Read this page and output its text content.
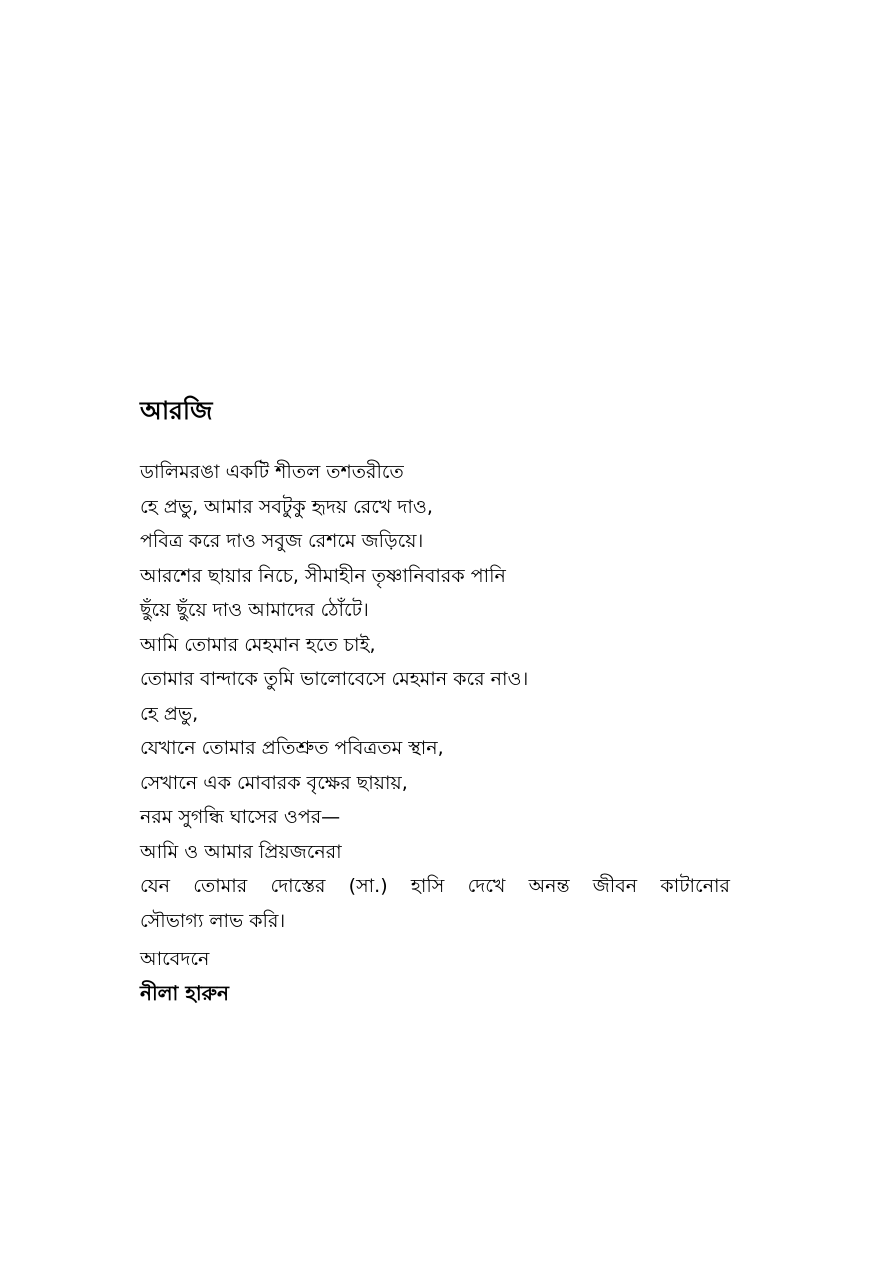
আরজি
ডালিমরঙা একটি শীতল তশতরীতে
হে প্রভু, আমার সবটুকু হৃদয় রেখে দাও,
পবিত্র করে দাও সবুজ রেশমে জড়িয়ে।
আরশের ছায়ার নিচে, সীমাহীন তৃষ্ণানিবারক পানি
ছুঁয়ে ছুঁয়ে দাও আমাদের ঠোঁটে।
আমি তোমার মেহমান হতে চাই,
তোমার বান্দাকে তুমি ভালোবেসে মেহমান করে নাও।
হে প্রভু,
যেখানে তোমার প্রতিশ্রুত পবিত্রতম স্থান,
সেখানে এক মোবারক বৃক্ষের ছায়ায়,
নরম সুগন্ধি ঘাসের ওপর—
আমি ও আমার প্রিয়জনেরা
যেন তোমার দোস্তের (সা.) হাসি দেখে অনন্ত জীবন কাটানোর
সৌভাগ্য লাভ করি।
আবেদনে
নীলা হারুন
